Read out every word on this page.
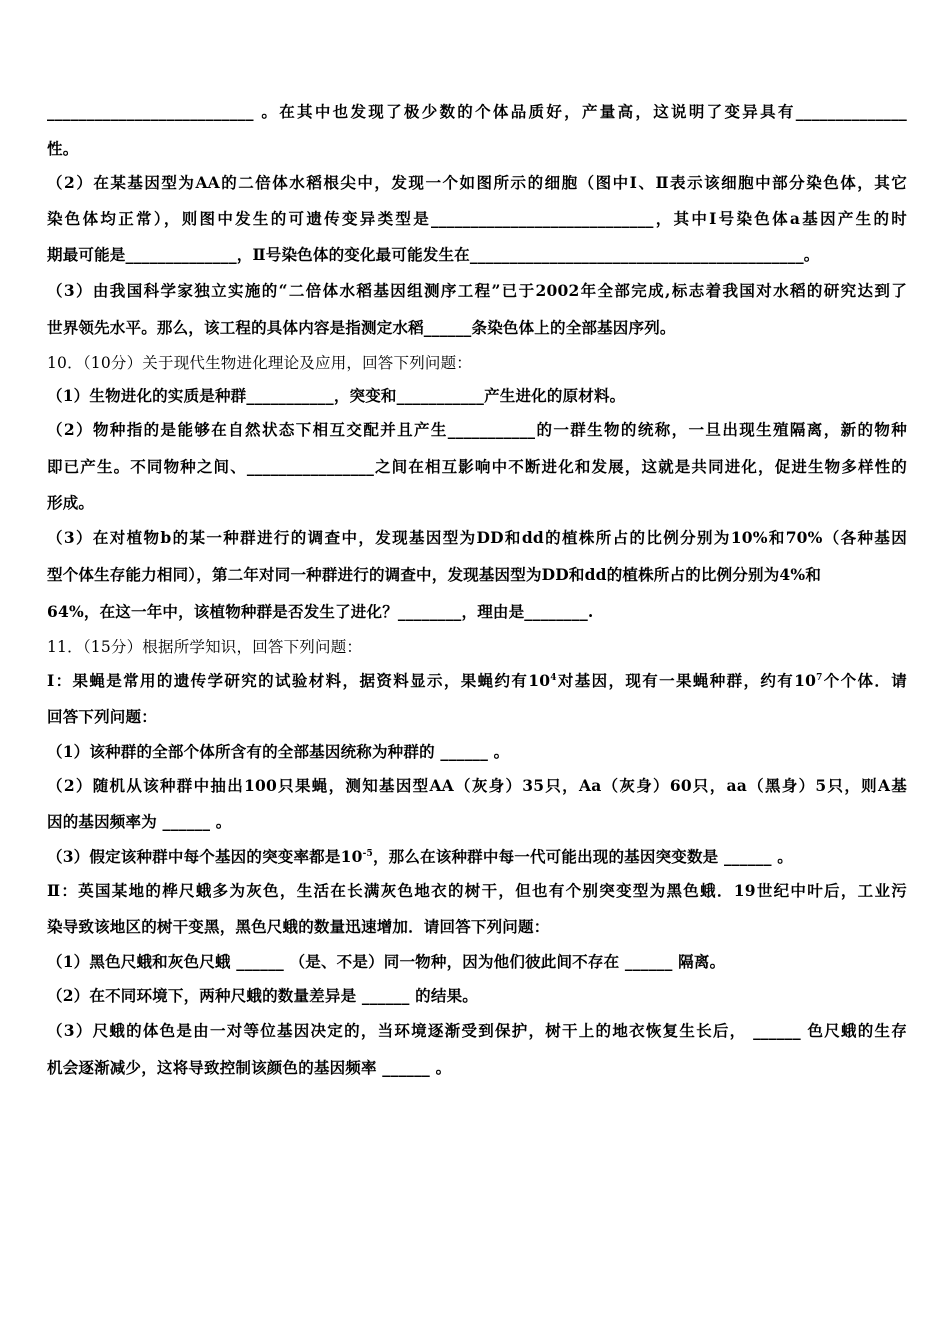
__________________________ 。在其中也发现了极少数的个体品质好，产量高，这说明了变异具有______________
性。
（2）在某基因型为AA的二倍体水稻根尖中，发现一个如图所示的细胞（图中Ⅰ、Ⅱ表示该细胞中部分染色体，其它
染色体均正常），则图中发生的可遗传变异类型是____________________________，其中Ⅰ号染色体a基因产生的时
期最可能是______________，Ⅱ号染色体的变化最可能发生在__________________________________________。
（3）由我国科学家独立实施的“二倍体水稻基因组测序工程”已于2002年全部完成,标志着我国对水稻的研究达到了
世界领先水平。那么，该工程的具体内容是指测定水稻______条染色体上的全部基因序列。
10．（10分）关于现代生物进化理论及应用，回答下列问题：
（1）生物进化的实质是种群___________，突变和___________产生进化的原材料。
（2）物种指的是能够在自然状态下相互交配并且产生___________的一群生物的统称，一旦出现生殖隔离，新的物种
即已产生。不同物种之间、________________之间在相互影响中不断进化和发展，这就是共同进化，促进生物多样性的
形成。
（3）在对植物b的某一种群进行的调查中，发现基因型为DD和dd的植株所占的比例分别为10%和70%（各种基因
型个体生存能力相同），第二年对同一种群进行的调查中，发现基因型为DD和dd的植株所占的比例分别为4%和
64%，在这一年中，该植物种群是否发生了进化？________，理由是________.
11．（15分）根据所学知识，回答下列问题：
Ⅰ：果蝇是常用的遗传学研究的试验材料，据资料显示，果蝇约有$10^4$对基因，现有一果蝇种群，约有$10^7$个个体．请
回答下列问题：
（1）该种群的全部个体所含有的全部基因统称为种群的 ______ 。
（2）随机从该种群中抽出100只果蝇，测知基因型AA（灰身）35只，Aa（灰身）60只，aa（黑身）5只，则A基
因的基因频率为 ______ 。
（3）假定该种群中每个基因的突变率都是$10^{-5}$，那么在该种群中每一代可能出现的基因突变数是 ______ 。
Ⅱ：英国某地的桦尺蛾多为灰色，生活在长满灰色地衣的树干，但也有个别突变型为黑色蛾．19世纪中叶后，工业污
染导致该地区的树干变黑，黑色尺蛾的数量迅速增加．请回答下列问题：
（1）黑色尺蛾和灰色尺蛾 ______ （是、不是）同一物种，因为他们彼此间不存在 ______ 隔离。
（2）在不同环境下，两种尺蛾的数量差异是 ______ 的结果。
（3）尺蛾的体色是由一对等位基因决定的，当环境逐渐受到保护，树干上的地衣恢复生长后， ______ 色尺蛾的生存
机会逐渐减少，这将导致控制该颜色的基因频率 ______ 。
